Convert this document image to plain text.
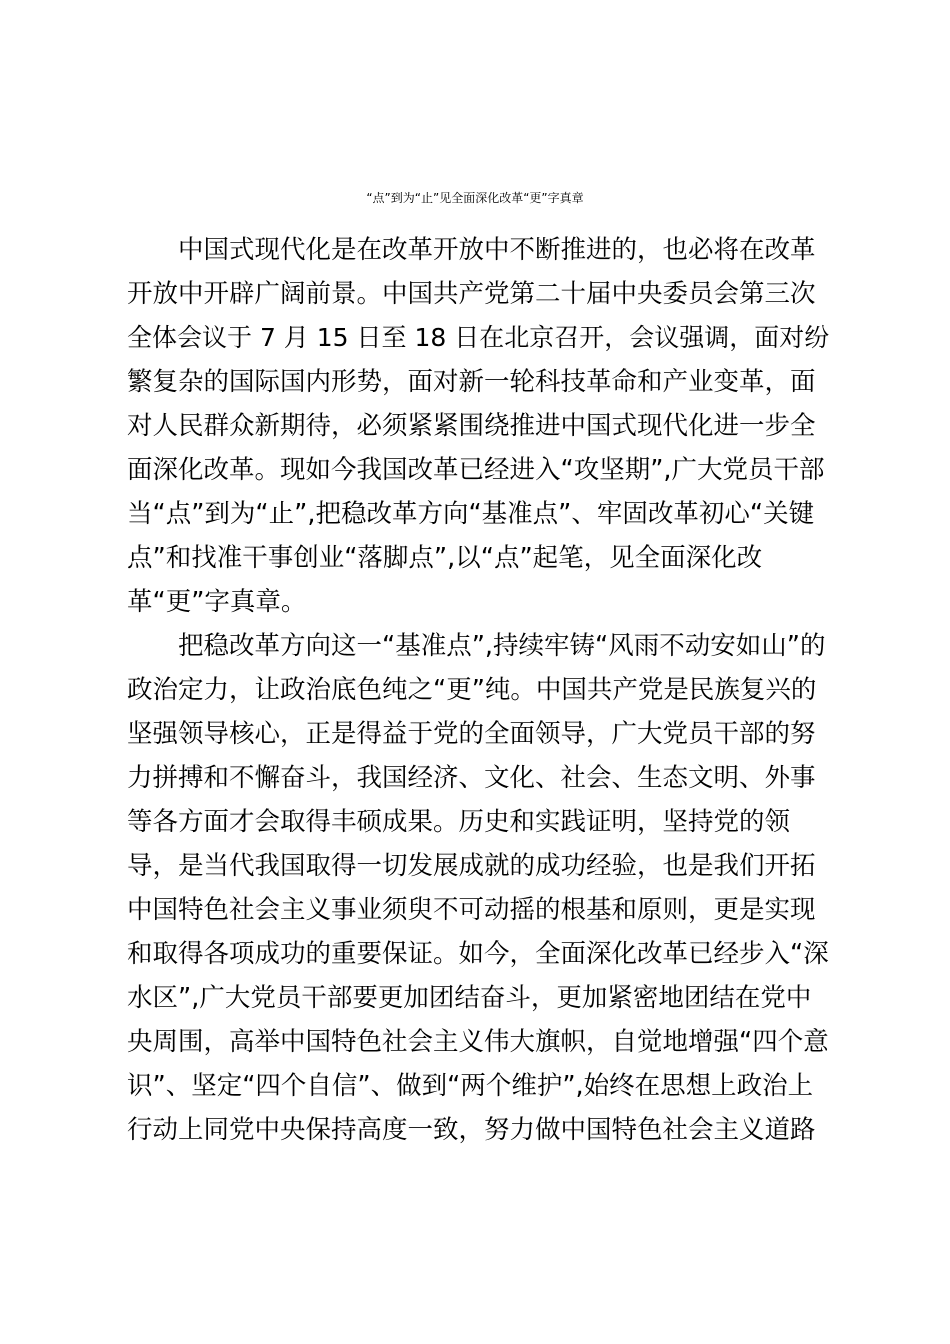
“点”到为“止”见全面深化改革“更”字真章
中国式现代化是在改革开放中不断推进的，也必将在改革
开放中开辟广阔前景。中国共产党第二十届中央委员会第三次
全体会议于 7 月 15 日至 18 日在北京召开，会议强调，面对纷
繁复杂的国际国内形势，面对新一轮科技革命和产业变革，面
对人民群众新期待，必须紧紧围绕推进中国式现代化进一步全
面深化改革。现如今我国改革已经进入“攻坚期”,广大党员干部
当“点”到为“止”,把稳改革方向“基准点”、牢固改革初心“关键
点”和找准干事创业“落脚点”,以“点”起笔，见全面深化改
革“更”字真章。
把稳改革方向这一“基准点”,持续牢铸“风雨不动安如山”的
政治定力，让政治底色纯之“更”纯。中国共产党是民族复兴的
坚强领导核心，正是得益于党的全面领导，广大党员干部的努
力拼搏和不懈奋斗，我国经济、文化、社会、生态文明、外事
等各方面才会取得丰硕成果。历史和实践证明，坚持党的领
导，是当代我国取得一切发展成就的成功经验，也是我们开拓
中国特色社会主义事业须臾不可动摇的根基和原则，更是实现
和取得各项成功的重要保证。如今，全面深化改革已经步入“深
水区”,广大党员干部要更加团结奋斗，更加紧密地团结在党中
央周围，高举中国特色社会主义伟大旗帜，自觉地增强“四个意
识”、坚定“四个自信”、做到“两个维护”,始终在思想上政治上
行动上同党中央保持高度一致，努力做中国特色社会主义道路
